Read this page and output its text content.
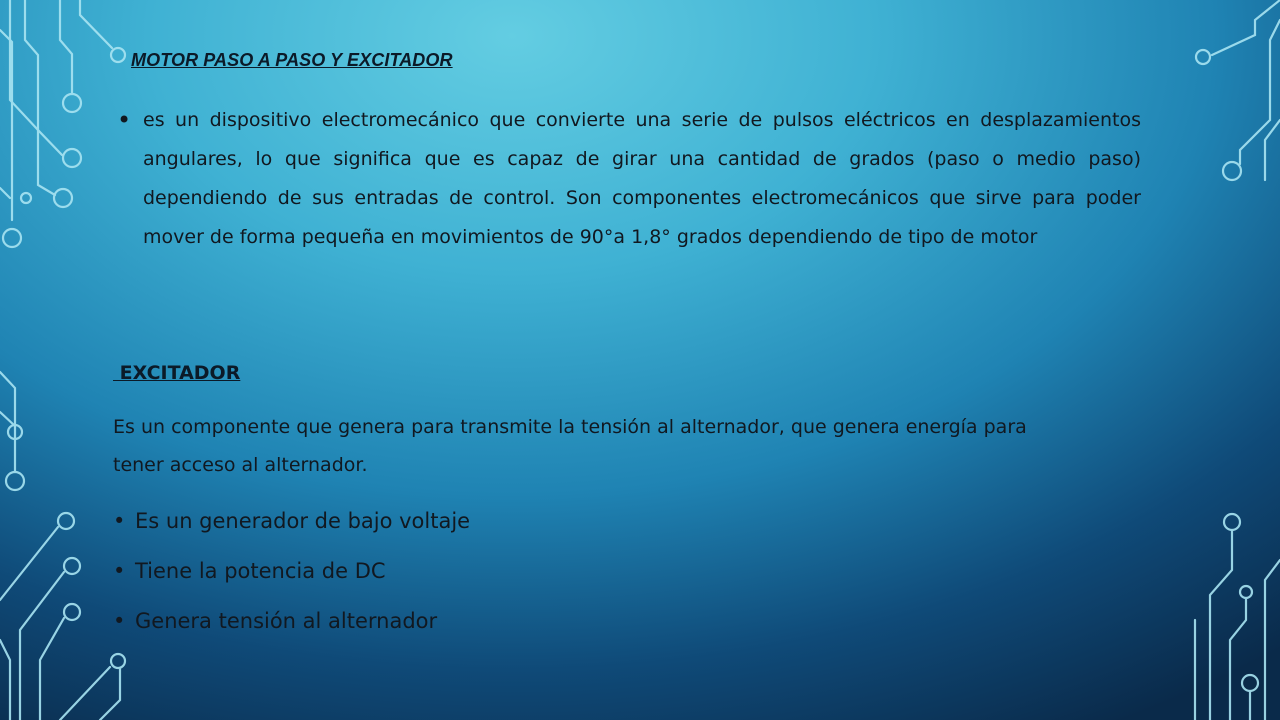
MOTOR PASO A PASO Y EXCITADOR
• es un dispositivo electromecánico que convierte una serie de pulsos eléctricos en desplazamientos angulares, lo que significa que es capaz de girar una cantidad de grados (paso o medio paso) dependiendo de sus entradas de control. Son componentes electromecánicos que sirve para poder mover de forma pequeña en movimientos de 90°a 1,8° grados dependiendo de tipo de motor

EXCITADOR

Es un componente que genera para transmite la tensión al alternador, que genera energía para tener acceso al alternador.

• Es un generador de bajo voltaje
• Tiene la potencia de DC
• Genera tensión al alternador
